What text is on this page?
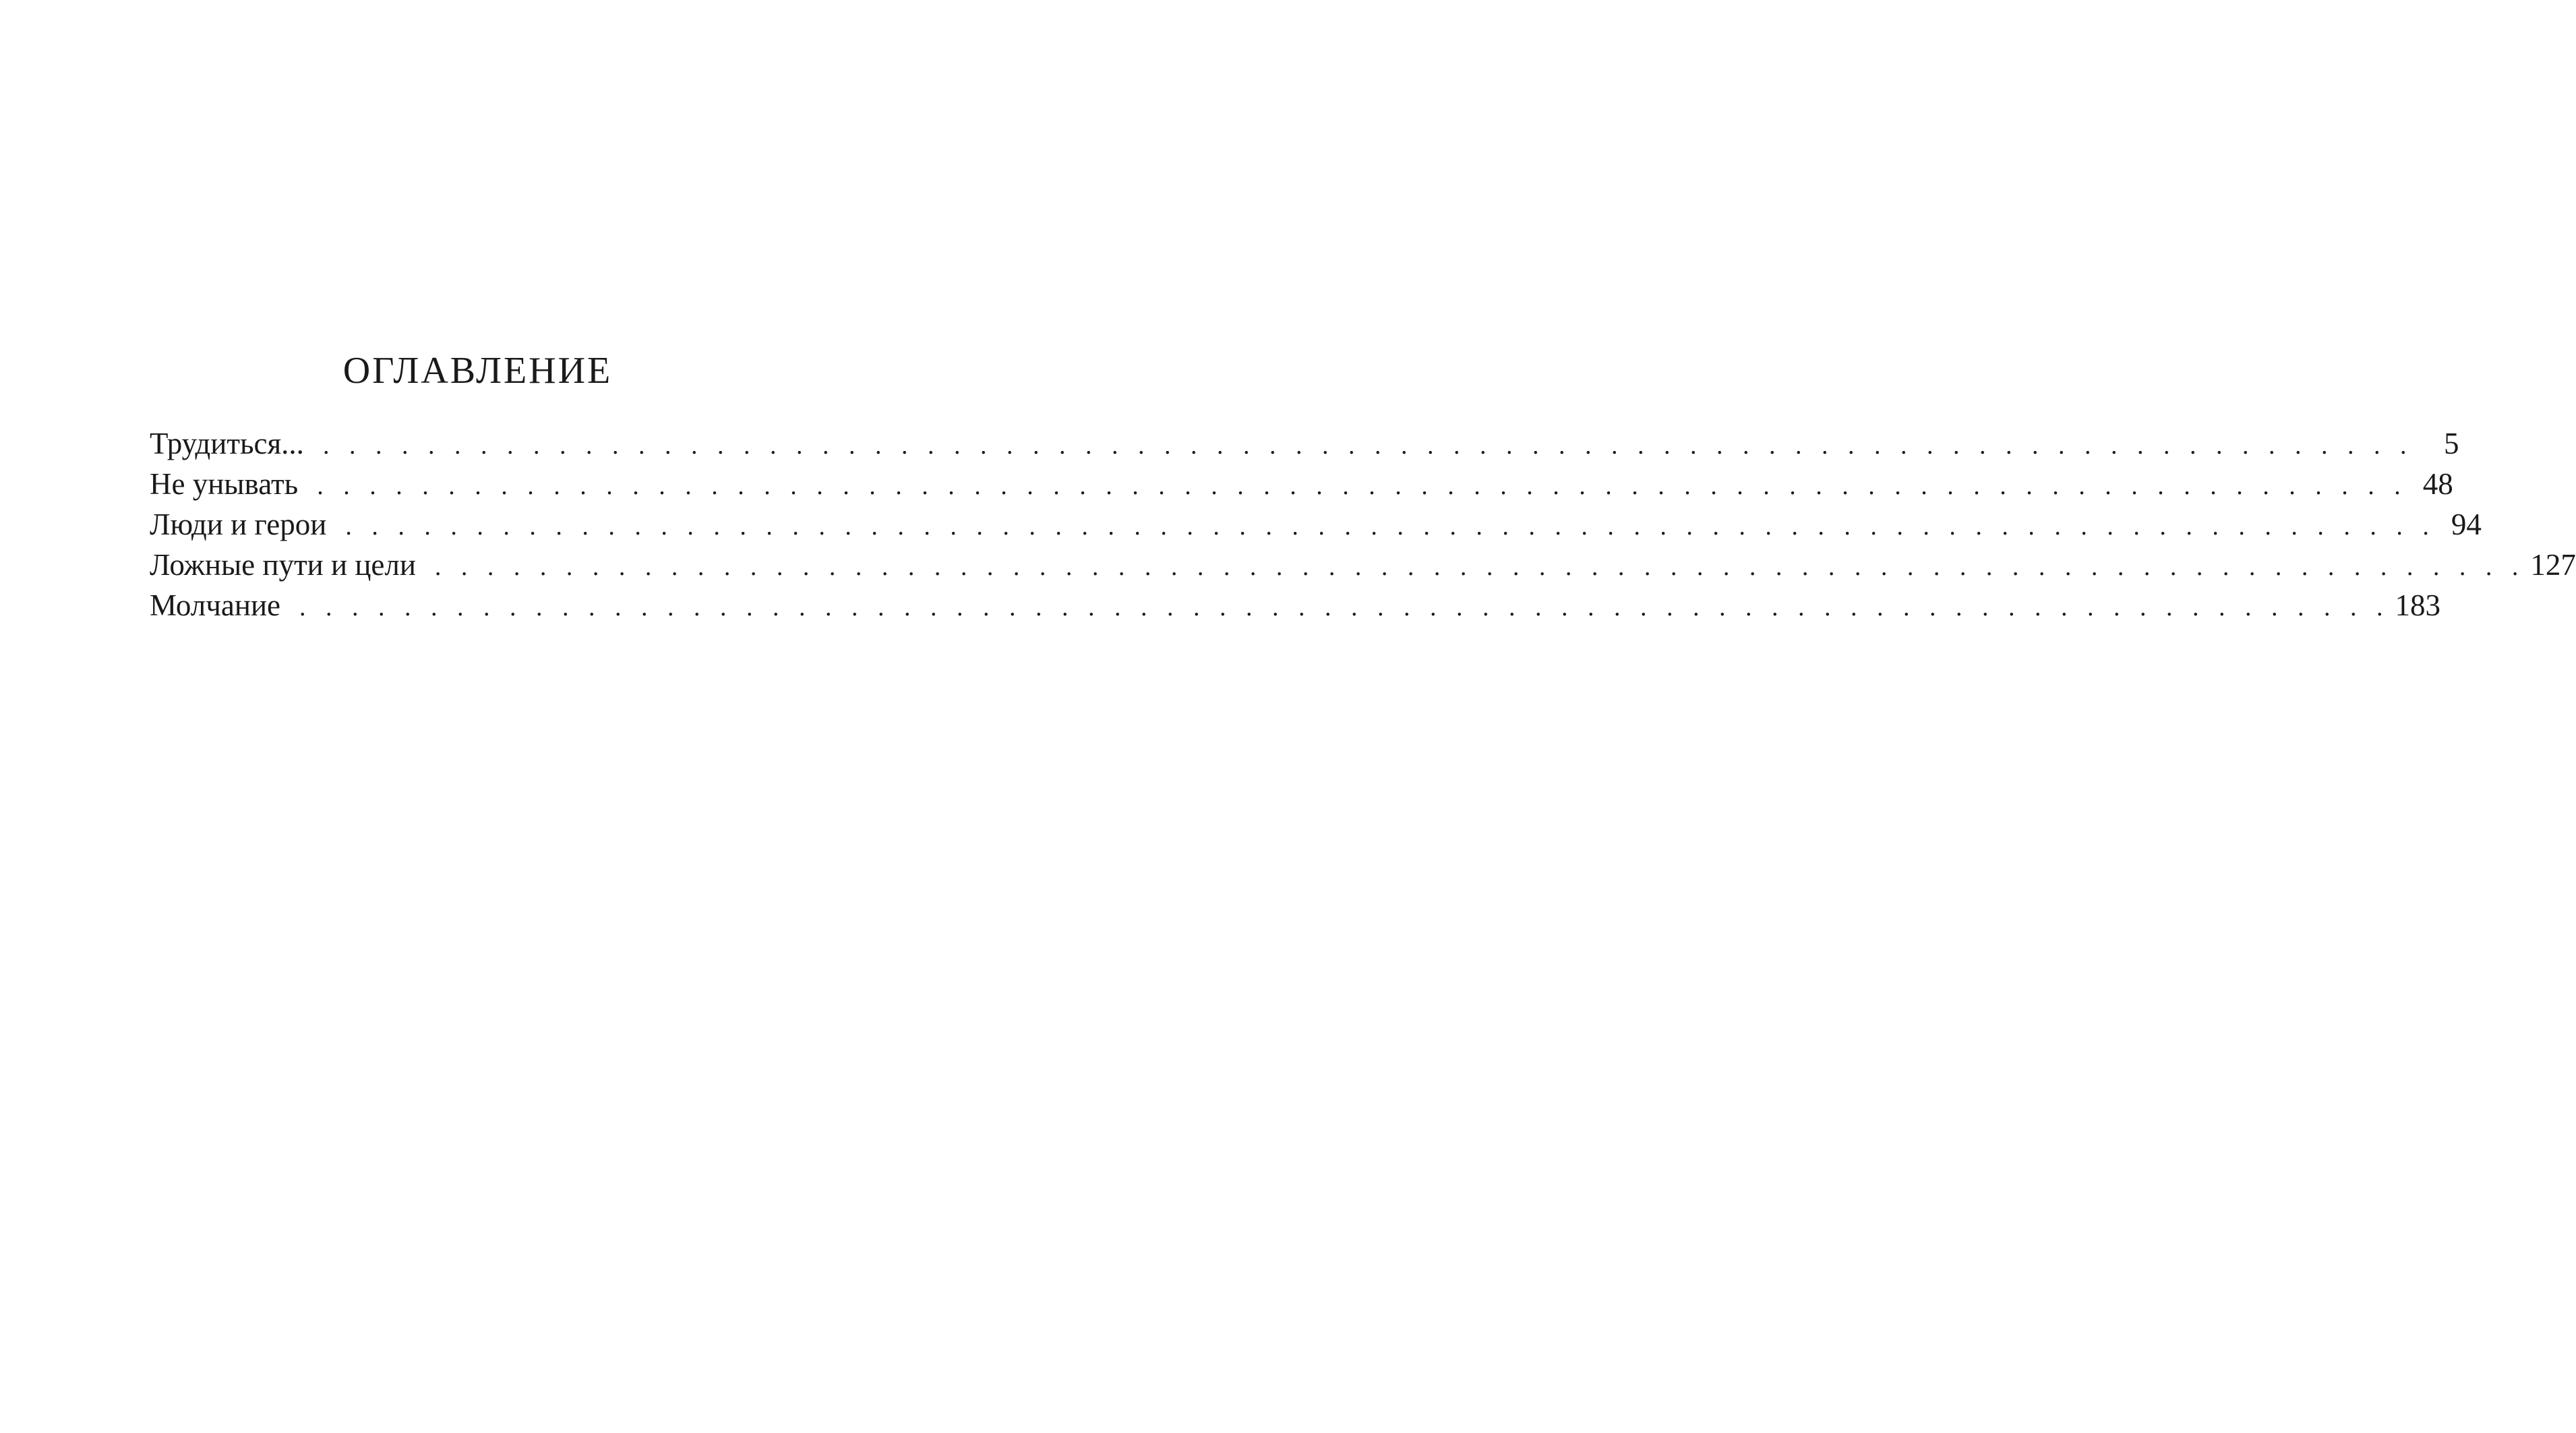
ОГЛАВЛЕНИЕ
Трудиться... . . . . . . . . . . . . . . . . . . . . . . . . . . . . . . . . . . . . . . . . . . . . . . . . . . . . . . . . . . . . . . . . . . . . . . . . . . . . . . . .	5
Не унывать . . . . . . . . . . . . . . . . . . . . . . . . . . . . . . . . . . . . . . . . . . . . . . . . . . . . . . . . . . . . . . . . . . . . . . . . . . . . . . . . 48
Люди и герои . . . . . . . . . . . . . . . . . . . . . . . . . . . . . . . . . . . . . . . . . . . . . . . . . . . . . . . . . . . . . . . . . . . . . . . . . . . . . . . . 94
Ложные пути и цели . . . . . . . . . . . . . . . . . . . . . . . . . . . . . . . . . . . . . . . . . . . . . . . . . . . . . . . . . . . . . . . . . . . . . . . . . . . . . . . . 127
Молчание . . . . . . . . . . . . . . . . . . . . . . . . . . . . . . . . . . . . . . . . . . . . . . . . . . . . . . . . . . . . . . . . . . . . . . . . . . . . . . . . 183
